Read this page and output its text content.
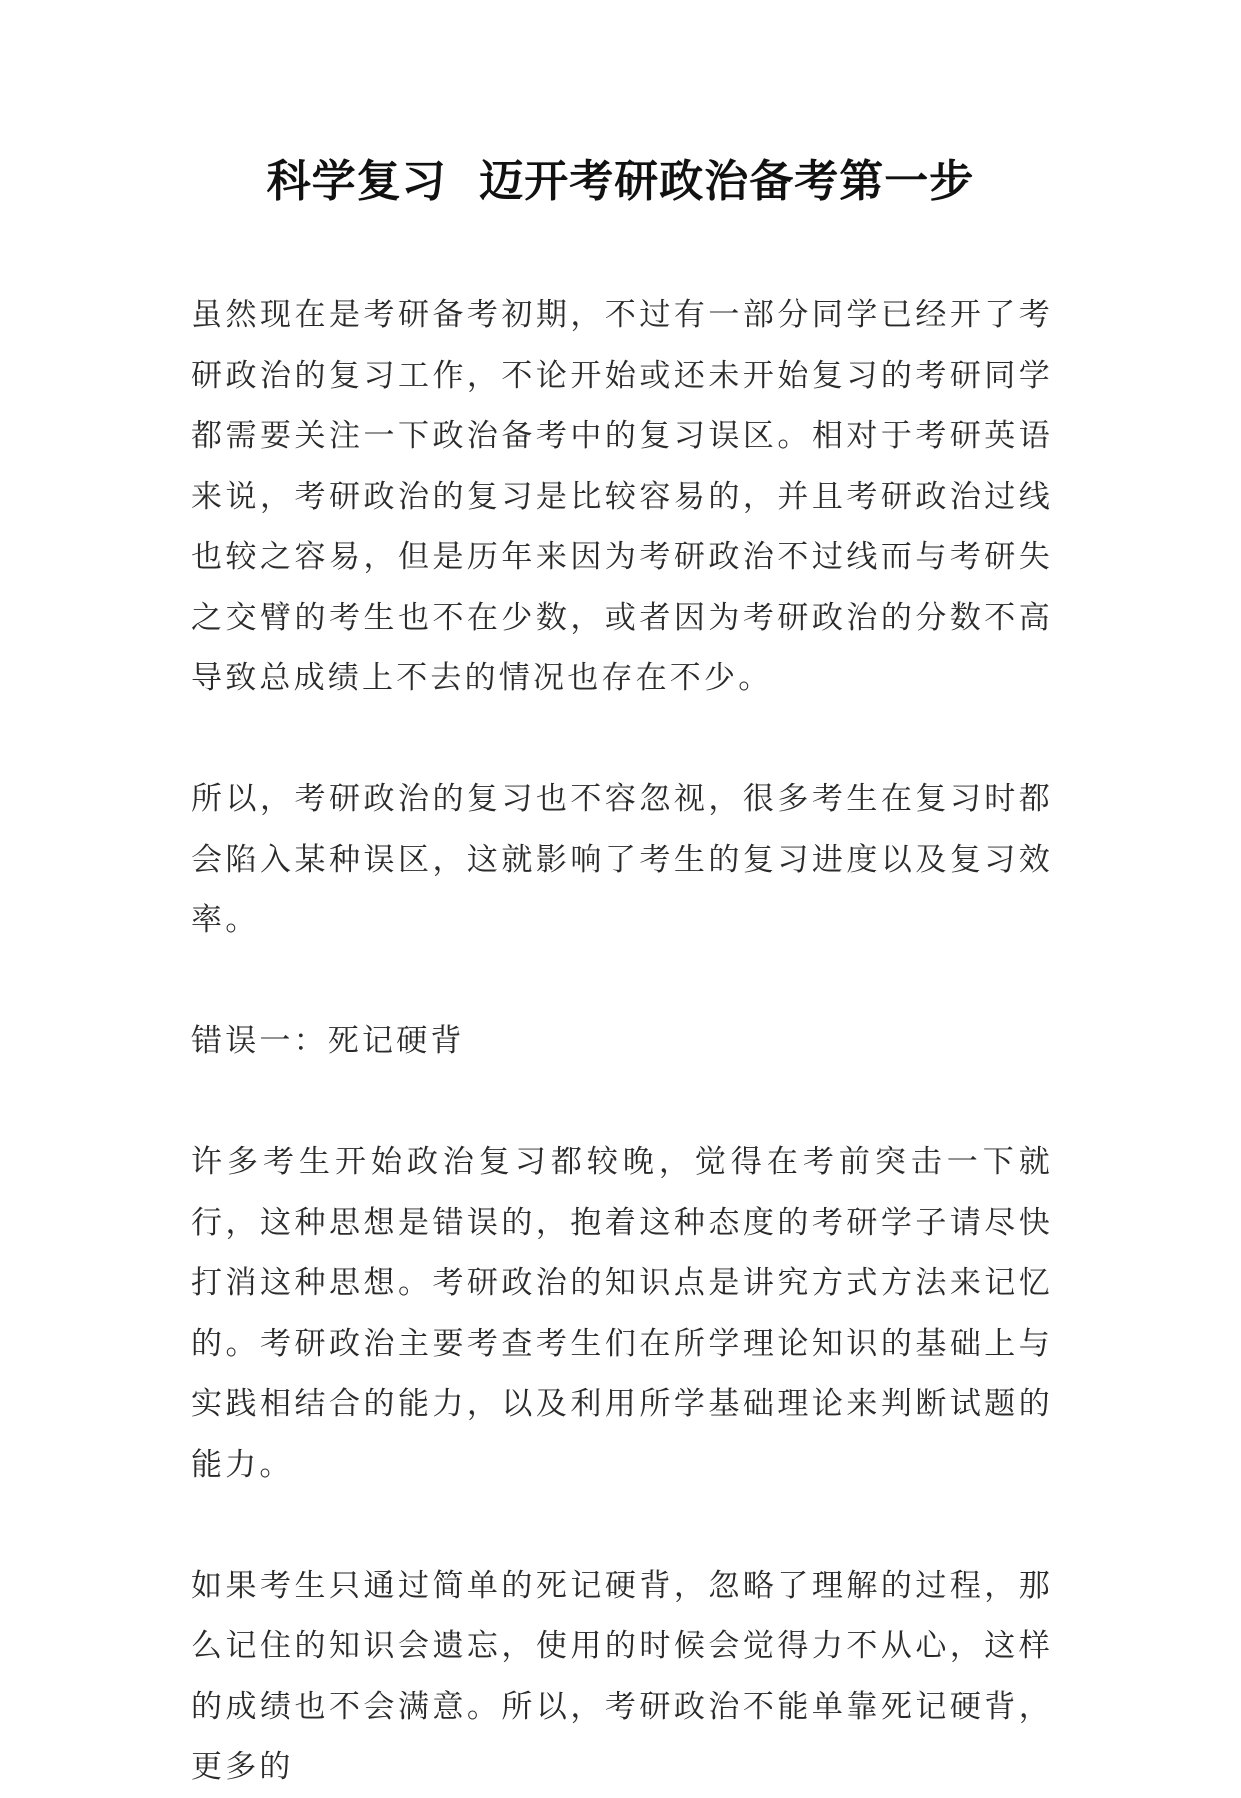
科学复习  迈开考研政治备考第一步

虽然现在是考研备考初期，不过有一部分同学已经开了考研政治的复习工作，不论开始或还未开始复习的考研同学都需要关注一下政治备考中的复习误区。相对于考研英语来说，考研政治的复习是比较容易的，并且考研政治过线也较之容易，但是历年来因为考研政治不过线而与考研失之交臂的考生也不在少数，或者因为考研政治的分数不高导致总成绩上不去的情况也存在不少。

所以，考研政治的复习也不容忽视，很多考生在复习时都会陷入某种误区，这就影响了考生的复习进度以及复习效率。

错误一：死记硬背

许多考生开始政治复习都较晚，觉得在考前突击一下就行，这种思想是错误的，抱着这种态度的考研学子请尽快打消这种思想。考研政治的知识点是讲究方式方法来记忆的。考研政治主要考查考生们在所学理论知识的基础上与实践相结合的能力，以及利用所学基础理论来判断试题的能力。

如果考生只通过简单的死记硬背，忽略了理解的过程，那么记住的知识会遗忘，使用的时候会觉得力不从心，这样的成绩也不会满意。所以，考研政治不能单靠死记硬背，更多的
